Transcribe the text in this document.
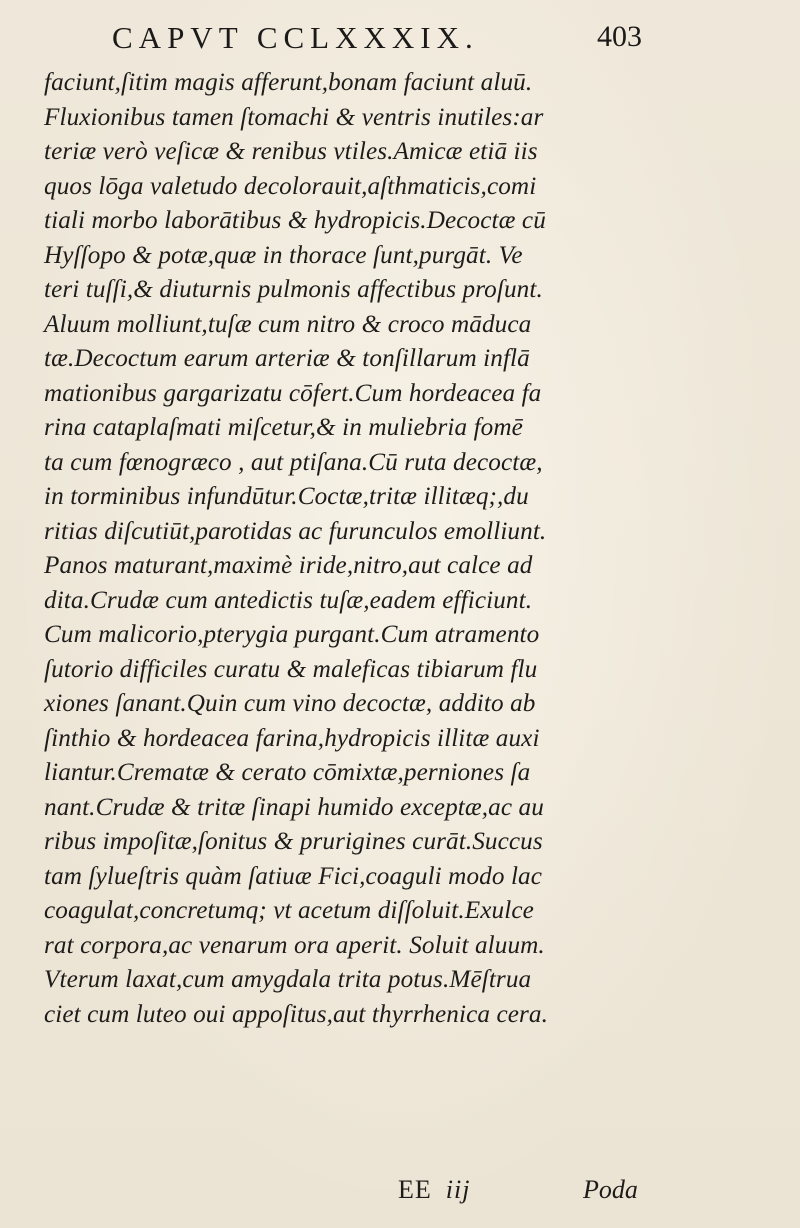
CAPVT CCLXXXIX.	403
faciunt,ſitim magis afferunt,bonam faciunt aluū.
Fluxionibus tamen ſtomachi & ventris inutiles:ar
teriæ verò veſicæ & renibus vtiles.Amicæ etiā iis
quos lōga valetudo decolorauit,aſthmaticis,comi
tiali morbo laborātibus & hydropicis.Decoctæ cū
Hyſſopo & potæ,quæ in thorace ſunt,purgāt. Ve
teri tuſſi,& diuturnis pulmonis affectibus proſunt.
Aluum molliunt,tuſæ cum nitro & croco māduca
tæ.Decoctum earum arteriæ & tonſillarum inflā
mationibus gargarizatu cōfert.Cum hordeacea fa
rina cataplaſmati miſcetur,& in muliebria fomē
ta cum fœnogræco , aut ptiſana.Cū ruta decoctæ,
in torminibus infundūtur.Coctæ,tritæ illitæq;,du
ritias diſcutiūt,parotidas ac furunculos emolliunt.
Panos maturant,maximè iride,nitro,aut calce ad
dita.Crudæ cum antedictis tuſæ,eadem efficiunt.
Cum malicorio,pterygia purgant.Cum atramento
ſutorio difficiles curatu & maleficas tibiarum flu
xiones ſanant.Quin cum vino decoctæ, addito ab
ſinthio & hordeacea farina,hydropicis illitæ auxi
liantur.Crematæ & cerato cōmixtæ,perniones ſa
nant.Crudæ & tritæ ſinapi humido exceptæ,ac au
ribus impoſitæ,ſonitus & prurigines curāt.Succus
tam ſylueſtris quàm ſatiuæ Fici,coaguli modo lac
coagulat,concretumq; vt acetum diſſoluit.Exulce
rat corpora,ac venarum ora aperit. Soluit aluum.
Vterum laxat,cum amygdala trita potus.Mēſtrua
ciet cum luteo oui appoſitus,aut thyrrhenica cera.
EE iij	Poda
